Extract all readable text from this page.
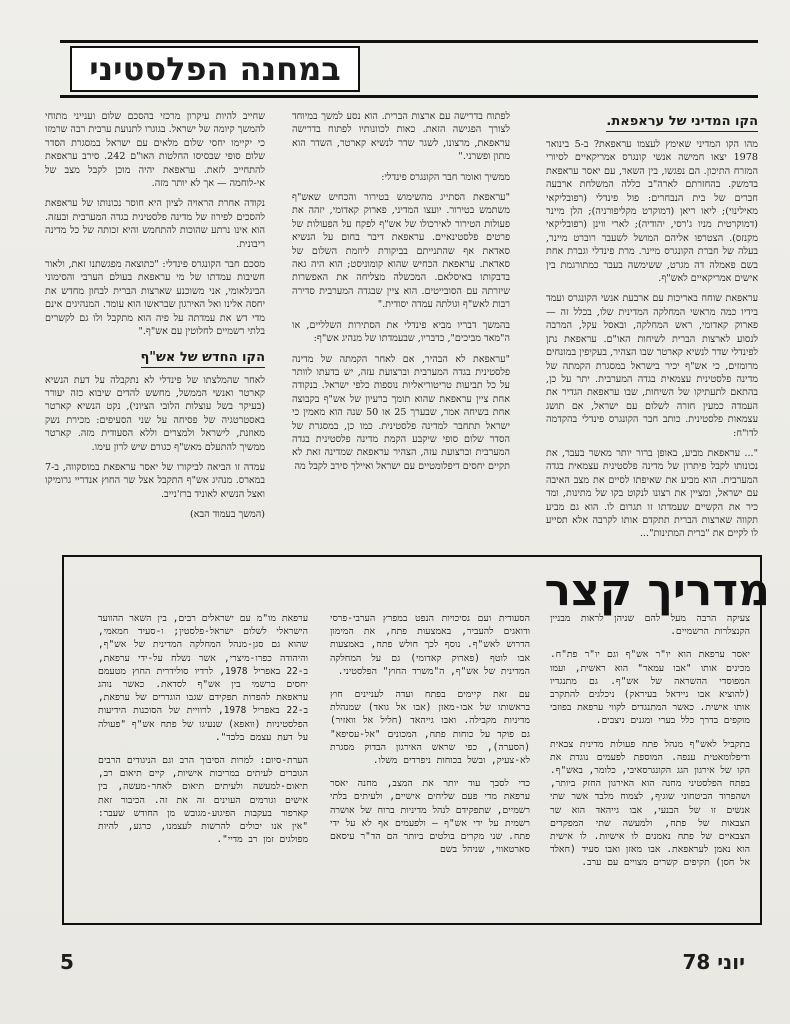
במחנה הפלסטיני
הקו המדיני של עראפאת.

מהו הקו המדיני שאימץ לעצמו עראפאת? ב-5 בינואר 1978 יצאו חמישה אנשי קונגרס אמריקאיים לסיורי המזרח התיכון. הם נפגשו, בין השאר, עם יאסר עראפאת בדמשק. בהחזרתם לארה"ב כללה המשלחת ארבעה חברים של בית הנבחרים: פול פינדלי (רפובליקאי מאילינוי); ליאו ריאן (דמוקרט מקליפורניה); הלן מיינר (דמוקרטית מניו ג'רסי, יהודיה); לארי ווינן (רפובליקאי מקנזס). הצטרפו אליהם המושל לשעבר רוברט מיינר, בעלה של חברת הקונגרס מיינר. מרת פינדלי וגברת אחת בשם פאמלה דה מגרט, ששימשה בעבר כמתורגמת בין אישים אמריקאיים לאש"ף.

עראפאת שוחח באריכות עם ארבעת אנשי הקונגרס ועמד בידיו כמה מראשי המחלקה המדינית שלו, בכלל זה — פארוק קאדומי, ראש המחלקה, ובאסל עקל, המרבה לנסוע לארצות הברית לשיחות האו"ם. עראפאת נתן לפינדלי שדר לנשיא קארטר שבו הצהיר, בעקיפין במונחים מרומזים, כי אש"ף יכיר בישראל במסגרת הקמתה של מדינה פלסטינית עצמאית בגדה המערבית. יתר על כן, בהתאם לתעתיקו של השיחות, שבו עראפאת הגדיר את העמדה כמעין חזרה לשלום עם ישראל, אם תושג עצמאות פלסטינית. כותב חבר הקונגרס פינדלי בהקדמה לדו"ח:

"... עראפאת מביע, באופן ברור יותר מאשר בעבר, את נכונותו לקבל פיתרון של מדינה פלסטינית עצמאית בגדה המערבית. הוא מביע את שאיפתו לסיים את מצב האיבה עם ישראל, ומציין את רצונו לנקוט בקו של מתינות, ומד כיר את הקשיים שעמדתו זו תגרום לו. הוא גם מביע תקווה שארצות הברית תתקדם אותו לקרבה אלא תסייע לו לקיים את "ברית המתינות"...

לפתוח בדרישה עם ארצות הברית. הוא נסע למשך במיוחד לצורך הפגישה הזאת. כאות לכוונותיו לפתוח בדרישה עראפאת, מרצונו, לשגר שדר לנשיא קארטר, השדר הוא מתון ופשרני."

ממשיך ואומר חבר הקונגרס פינדלי:

"עראפאת הסתייג מהשימוש בטירור והכחיש שאש"ף משתמש בטירור. יועצו המדיני, פארוק קאדומי, יזהה את פעולות הטירור לאירכולו של אש"ף לפקח על הפעולות של פרטים פלסטינאיים. עראפאת דיבר בחום על הנשיא סאדאת אף שהתנייתם בביקורת ליוזמת השלום של סאדאת. עראפאת הכחיש שהוא קומוניסט; הוא היה גאה בדבקותו באיסלאם. המכשלה מצליחה את האפשרות שיזרתה עם הסובייטים. הוא ציין שבגדה המערבית סדירה רבות לאש"ף וגולתה עמדה יסודית."

בהמשך דבריו מביא פינדלי את הסתירות השלליים, או ה"מאד מביכים", כדבריו, שבעמדתו של מנהיג אש"ף:

"עראפאת לא הבהיר, אם לאחר הקמתה של מדינה פלסטינית בגדה המערבית וברצועת עזה, יש בדעתו לוותר על כל תביעות טריטוריאליות נוספות כלפי ישראל. בנקודה אחת ציין עראפאת שהוא תומך ברעיון של אש"ף בקבוצה אחת בשיחה אמר, שבערך 25 או 50 שנה הוא מאמין כי ישראל תתחבר למדינה פלסטינית. כמו כן, במסגרת של הסדר שלום סופי שיקבע הקמת מדינה פלסטינית בגדה המערבית וברצועת עזה, הצהיר עראפאת שמדינה זאת לא תקיים יחסים דיפלומטיים עם ישראל ואיילך סירב לקבל מה

שחייב להיות עיקרון מרכזי בהסכם שלום וענייני מתוחי להמשך קיומה של ישראל. בגוגרו לתנועת ערבית רבה שרמזו כי יקיימו יחסי שלום מלאים עם ישראל במסגרת הסדר שלום סופי שבסיסו החלטות האו"ם 242. סירב עראפאת להתחייב לזאת. עראפאת יהיה מוכן לקבל מצב של אי-לוחמה — אך לא יותר מזה.

נקודה אחרת הראויה לציון היא חוסר נכונותו של עראפאת להסכים לפירוז של מדינה פלסטינית בגדה המערבית ובעזה. הוא אינו נרתע שהוכות להתחמש והיא זכותה של כל מדינה ריבונית.

מסכם חבר הקונגרס פינדלי: "כתוצאה מפגשתנו זאת, ולאור חשיבות עמדתו של מי עראפאת בעולם הערבי והסימוני הבינלאומי, אני משוכנע שארצות הברית לבחון מחדש את יחסה אלינו ואל האירגון שבראשו הוא עומד. המנהיגים אינם מדי דש את עמדתה על פיה הוא מתקבל ולו גם לקשרים בלתי רשמיים לחלוטין עם אש"ף."

הקו החדש של אש"ף

לאחר שהמלצתו של פינדלי לא נתקבלה על דעת הנשיא קארטר ואנשי הממשל, מחשש להדים שיבוא כזה יעורר (בעיקר בשל עוצלות הלובי הציוני), נקט הנשיא קארטר באסטרטגיה של פסיחה על שני הסעיפים: מכירת נשק מאוזנת, לישראל ולמצרים וללא הסעודית מזה. קארטר ממשיך להתעלם מאש"ף כגורם שיש לרון עימו.

עמדה זו הביאה לביקורו של יאסר עראפאת במוסקווה, ב-7 במארס. מנהיג אש"ף התקבל אצל שר החוץ אנדריי גרומיקו ואצל הנשיא לאוניד ברז'נייב.

(המשך בעמוד הבא)
מדריך קצר

צעיקה הרבה מעל להם שניהן לראות מבניין הקנצלרות הרשמיים.

יאסר ערפאת הוא יו"ר אש"ף וגם יו"ר פת"ח. מכינים אותו "אבו עמאר" הוא ראשית, ועמו המפוסדי ההשראה של אש"ף. גם מתנגדיו (להוציא אבו ניידאל בעיראק) ניכלגים להתקרב אותו אישית. כאשר המתנגדים לקווי ערפאת בפוזבי מוקפים בדרך כלל בערי ומגנים ניצבים.

בתקביל לאש"ף מנהל פתח פעולות מדינית צבאית ודיפלומאטית ענפה. המוספת לפעמים נוגדת את הקו של אירגון הגג הקונגרסאיבי, כלומר, באש"ף. בפתח הפלסטיני מחנה הוא האירגון החזק ביותר, ושהפרוד הביטחוני שוגיף, לצמוח מלבד אשר שתי אנשים זו של הבנעי, אבו גייהאד הוא שר הצבאות של פתח, ולמעשה שתי המפקדים הצבאיים של פתח נאמנים לו אישיות. לו אישית הוא נאמן לעראפאת. אבו מאזן ואבו סעיד (חאלד אל חסן) תקיפים קשרים מצויים עם ערב.

הסעודית ועם נסיכויות הנפט במפרץ הערבי-פרסי ודואגים להעביר, באמצעות פתח, את המימון הדרוש לאש"ף. נוסף לכך חולש פתח, באמצעות אבו לוטף (פארוק קאדומי) גם על המחלקה המדינית של אש"ף, ה"משרד החוץ" הפלסטיני.

עם זאת קיימים בפתח ועדה לעניינים חוץ בראשותו של אבו-מאזן (אבו אל גואד) שמנהלת מדיניות מקבילה. ואבו גייהאד (חליל אל וואזיר) גם פוקד על כוחות פתח, המכונים "אל-עסיפא" (הסערה), כפי שראש האירגון הבדוק מסגרת לא-צעיק, ובשל בכוחות ניפרדים משלו.

כדי לסבך עוד יותר את המצב, מחנה יאסר ערפאת מדי פעם שליחים אישיים, ולעיתים בלתי רשמיים, שתפקידם לנהל מדיניות ברוח של אושרה רשמית על ידי אש"ף — ולפעמים אף לא על ידי פתח. שני מקרים בולטים ביותר הם הד"ר עיסאם סארטאווי, שניהל בשם

ערפאת מו"מ עם ישראלים רבים, בין השאר ההוועד הישראלי לשלום ישראל-פלסטין; ו-סעיד חמאמי, שהוא גם סגן-מנהל המחלקה המדינית של אש"ף, והיהודה כפרו-מיצרי, אשר נשלח על-ידי ערפאת, ב-22 באפריל 1978, לרדיו סולידרית החוץ מטעמם יחסים ברשמי בין אש"ף לסדאת. כאשר נוהג עראפאת להפרות תפקידם שגבו הוגדרים של ערפאת, ב-22 באפריל 1978, לרוויית של הסוכנות הידיעות הפלסטיניות (וואפא) שנעיגו של פתח אש"ף "פעולה על דעת עצמם בלבד".

הערת-סיום: למרות הסיבוך הרב וגם הניגודים הרבים הגוברים לעיתים במריבות אישיות, קיים תיאום רב, תיאום-למעשה ולעיתים תיאום לאחר-מעשה, בין אישים וגורמים העוינים זה את זה. הכיבור זאת קארפור בעקבות הפיגוע-מגובש מן החודש שעבר: "אין אנו יכולים להרשות לעצמנו, כרגע, להיות מפולגים זמן רב מדיי".

5	יוני 78
